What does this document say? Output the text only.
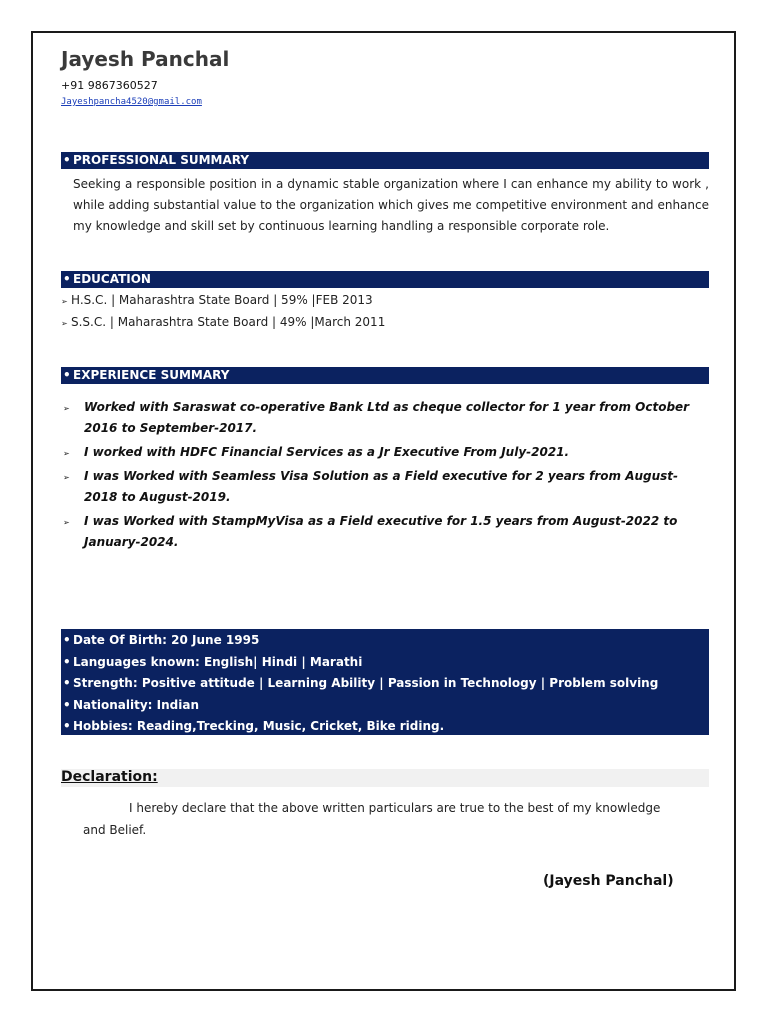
Jayesh Panchal
+91 9867360527
Jayeshpancha4520@gmail.com
• PROFESSIONAL SUMMARY
Seeking a responsible position in a dynamic stable organization where I can enhance my ability to work , while adding substantial value to the organization which gives me competitive environment and enhance my knowledge and skill set by continuous learning handling a responsible corporate role.
• EDUCATION
➢ H.S.C. | Maharashtra State Board | 59% |FEB 2013
➢ S.S.C. | Maharashtra State Board | 49% |March 2011
• EXPERIENCE SUMMARY
➢ Worked with Saraswat co-operative Bank Ltd as cheque collector for 1 year from October 2016 to September-2017.
➢ I worked with HDFC Financial Services as a Jr Executive From July-2021.
➢ I was Worked with Seamless Visa Solution as a Field executive for 2 years from August-2018 to August-2019.
➢ I was Worked with StampMyVisa as a Field executive for 1.5 years from August-2022 to January-2024.
• Date Of Birth: 20 June 1995
• Languages known: English| Hindi | Marathi
• Strength: Positive attitude | Learning Ability | Passion in Technology | Problem solving
• Nationality: Indian
• Hobbies: Reading,Trecking, Music, Cricket, Bike riding.
Declaration:
I hereby declare that the above written particulars are true to the best of my knowledge and Belief.
(Jayesh Panchal)
